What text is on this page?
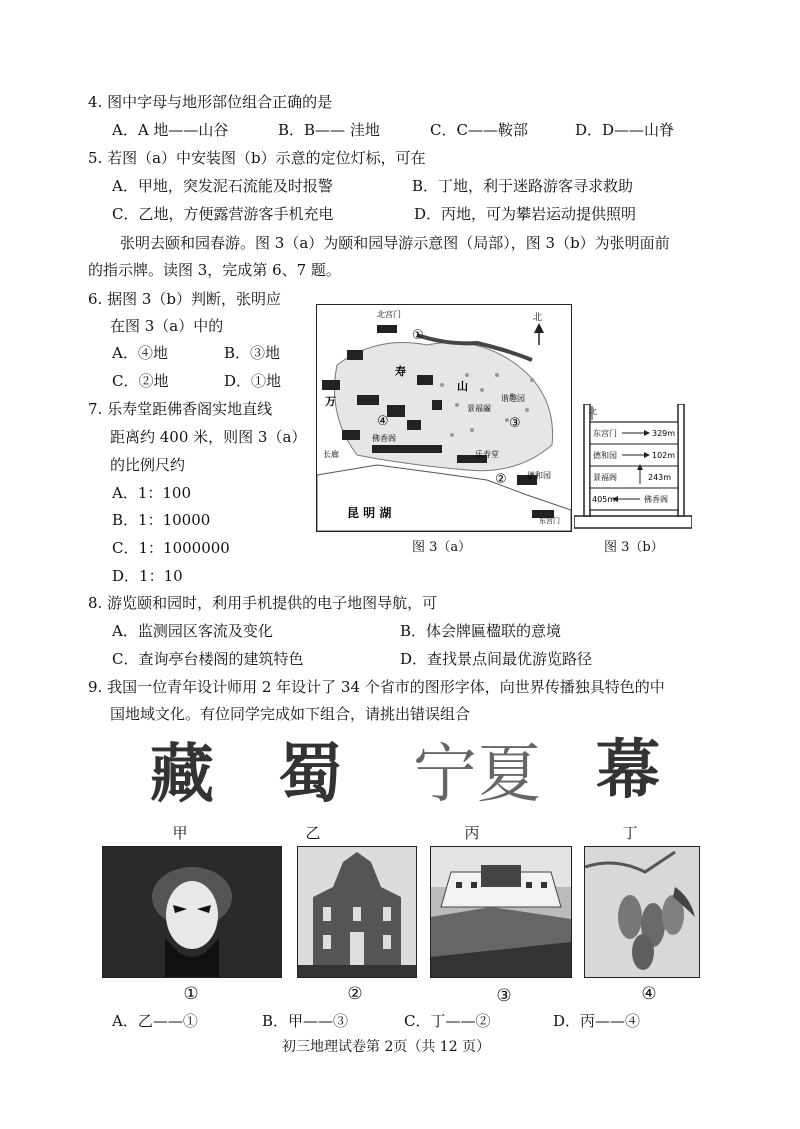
4. 图中字母与地形部位组合正确的是
A．A 地——山谷	B．B—— 洼地	C．C——鞍部	D．D——山脊
5. 若图（a）中安装图（b）示意的定位灯标，可在
A．甲地，突发泥石流能及时报警	B．丁地，利于迷路游客寻求救助
C．乙地，方便露营游客手机充电	D．丙地，可为攀岩运动提供照明
张明去颐和园春游。图 3（a）为颐和园导游示意图（局部），图 3（b）为张明面前
的指示牌。读图 3，完成第 6、7 题。
6. 据图 3（b）判断，张明应
在图 3（a）中的
A．④地	B．③地
C．②地	D．①地
7. 乐寿堂距佛香阁实地直线
距离约 400 米，则图 3（a）
的比例尺约
A．1：100
B．1：10000
C．1：1000000
D．1：10
北
北宫门
①
寿
山
万
④
景福阁
谐趣园
③
佛香阁
长廊	乐寿堂
②	德和园
东宫门
昆 明 湖
图 3（a）
北
东宫门	329m
德和园	102m
景福阁	243m
佛香阁
405m
图 3（b）
8. 游览颐和园时，利用手机提供的电子地图导航，可
A．监测园区客流及变化	B．体会牌匾楹联的意境
C．查询亭台楼阁的建筑特色	D．查找景点间最优游览路径
9. 我国一位青年设计师用 2 年设计了 34 个省市的图形字体，向世界传播独具特色的中
国地域文化。有位同学完成如下组合，请挑出错误组合
藏	蜀	宁夏 幕
甲	乙	丙	丁
①	②	③	④
A．乙——①	B．甲——③	C．丁——②	D．丙——④
初三地理试卷第 2页（共 12 页）
